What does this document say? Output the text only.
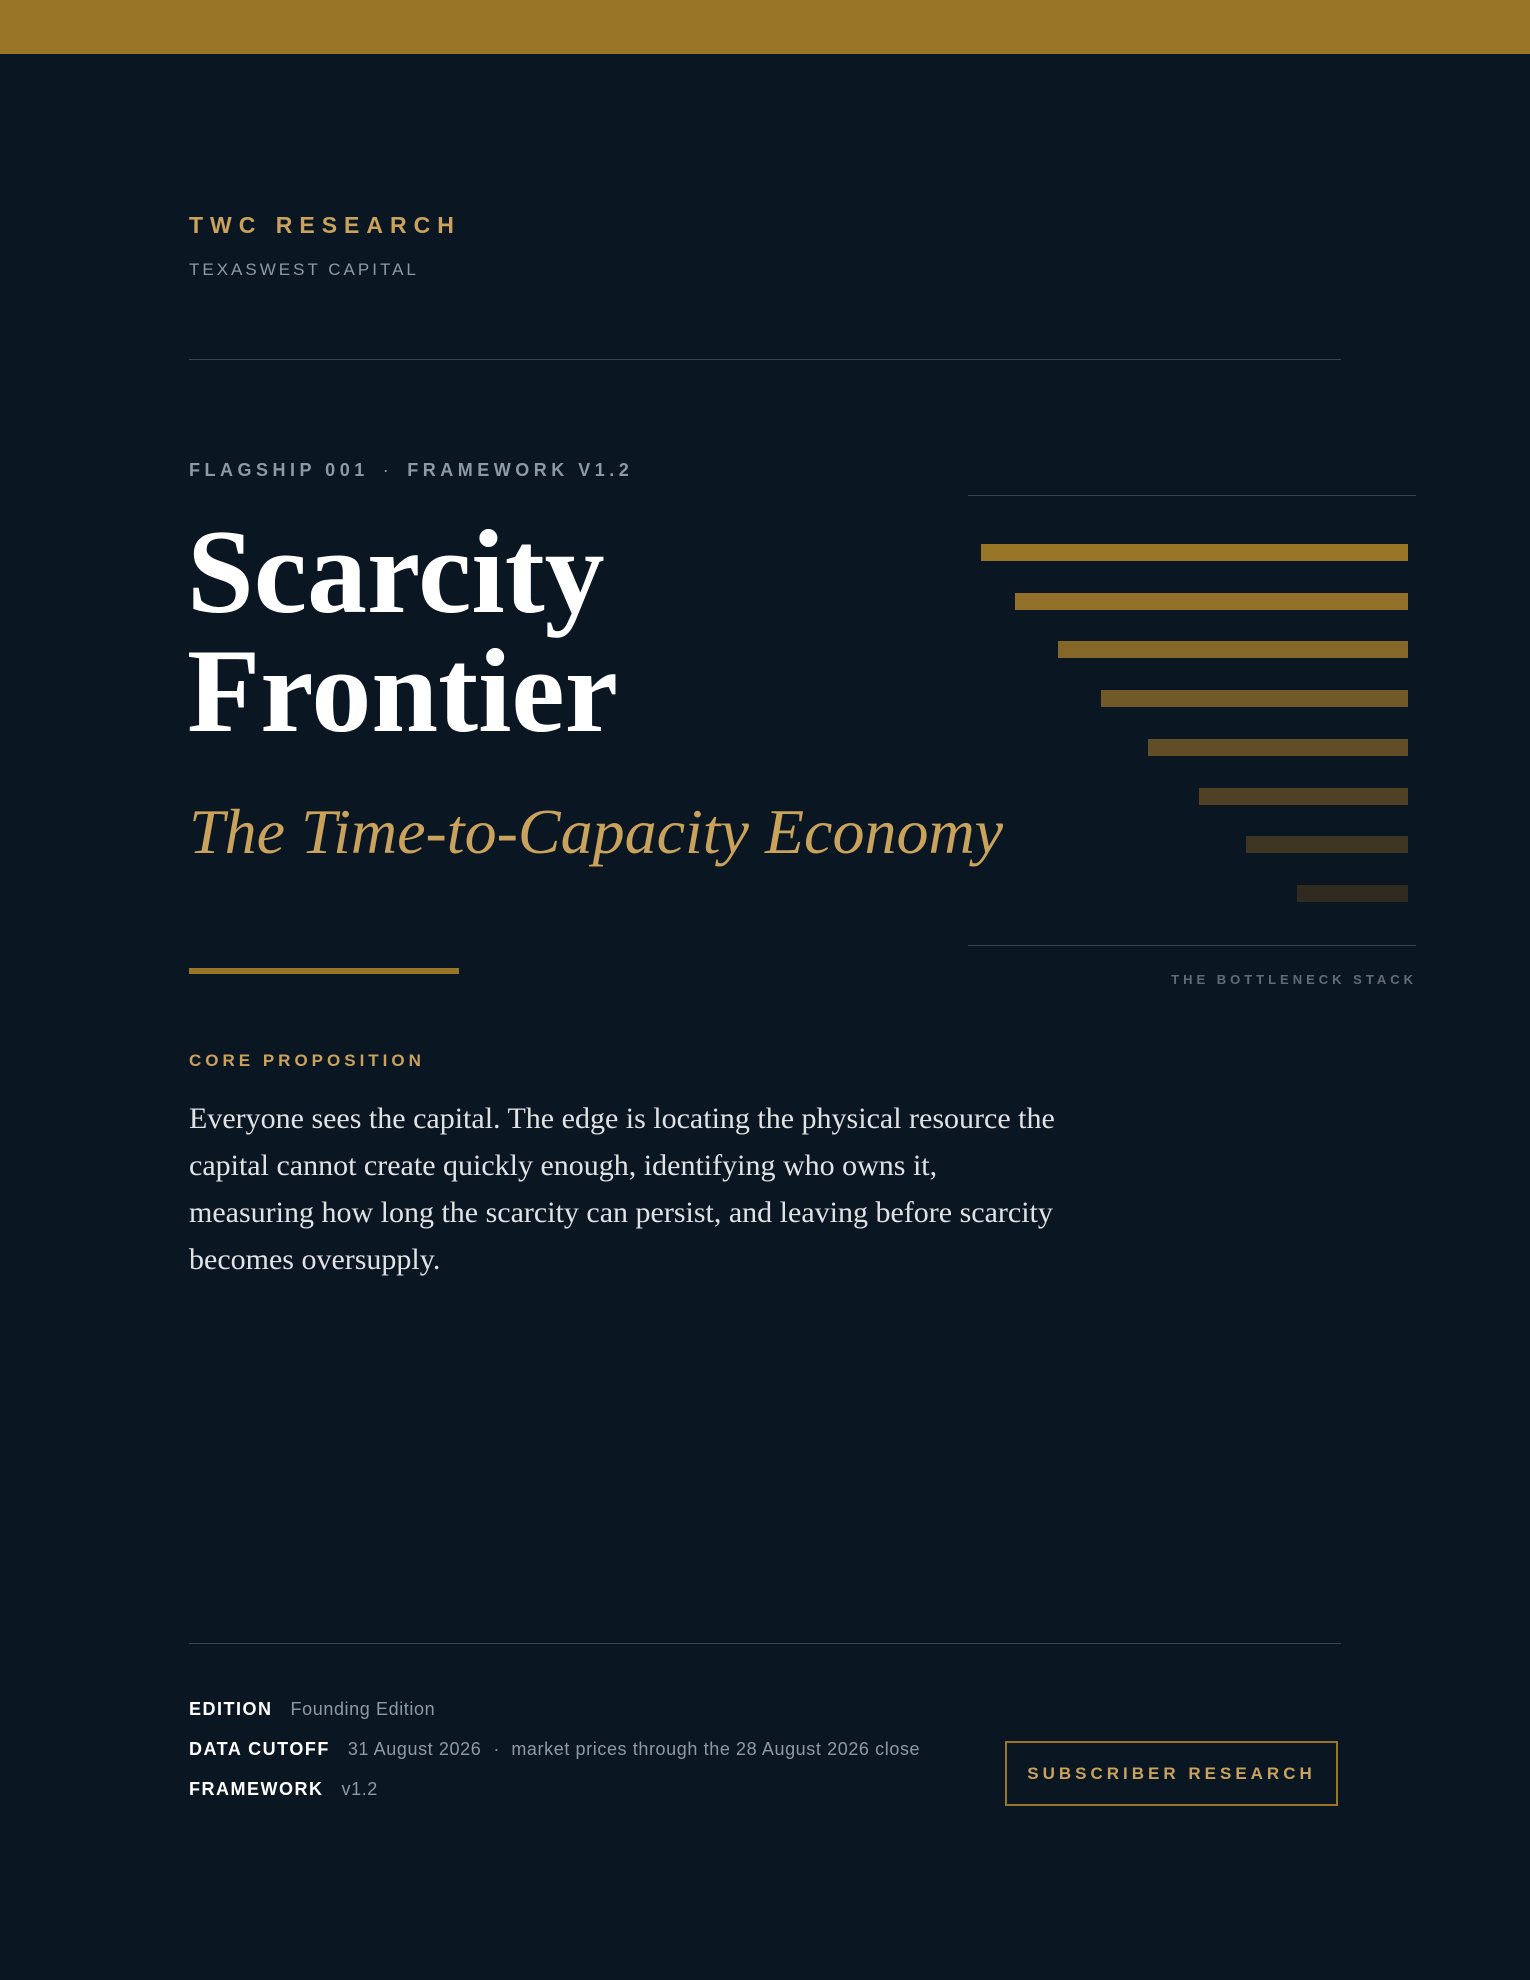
TWC RESEARCH
TEXASWEST CAPITAL
FLAGSHIP 001 · FRAMEWORK V1.2
Scarcity
Frontier
The Time-to-Capacity Economy
THE BOTTLENECK STACK
CORE PROPOSITION

Everyone sees the capital. The edge is locating the physical resource the capital cannot create quickly enough, identifying who owns it, measuring how long the scarcity can persist, and leaving before scarcity becomes oversupply.

EDITION Founding Edition
DATA CUTOFF 31 August 2026 · market prices through the 28 August 2026 close
FRAMEWORK v1.2
SUBSCRIBER RESEARCH
